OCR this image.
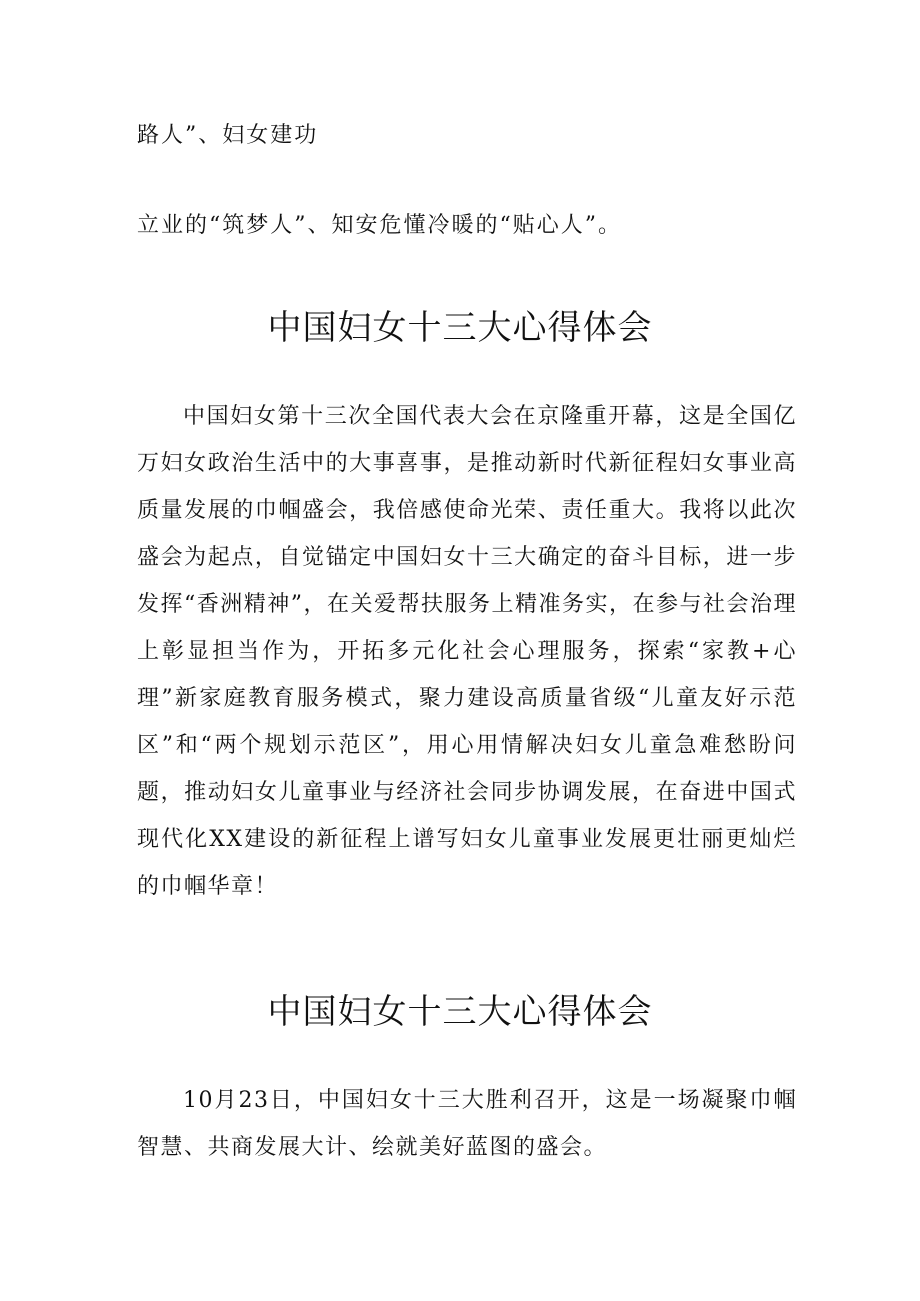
路人”、妇女建功
立业的“筑梦人”、知安危懂冷暖的“贴心人”。
中国妇女十三大心得体会

中国妇女第十三次全国代表大会在京隆重开幕，这是全国亿万妇女政治生活中的大事喜事，是推动新时代新征程妇女事业高质量发展的巾帼盛会，我倍感使命光荣、责任重大。我将以此次盛会为起点，自觉锚定中国妇女十三大确定的奋斗目标，进一步发挥“香洲精神”，在关爱帮扶服务上精准务实，在参与社会治理上彰显担当作为，开拓多元化社会心理服务，探索“家教+心理”新家庭教育服务模式，聚力建设高质量省级“儿童友好示范区”和“两个规划示范区”，用心用情解决妇女儿童急难愁盼问题，推动妇女儿童事业与经济社会同步协调发展，在奋进中国式现代化XX建设的新征程上谱写妇女儿童事业发展更壮丽更灿烂的巾帼华章！

中国妇女十三大心得体会

10月23日，中国妇女十三大胜利召开，这是一场凝聚巾帼智慧、共商发展大计、绘就美好蓝图的盛会。
